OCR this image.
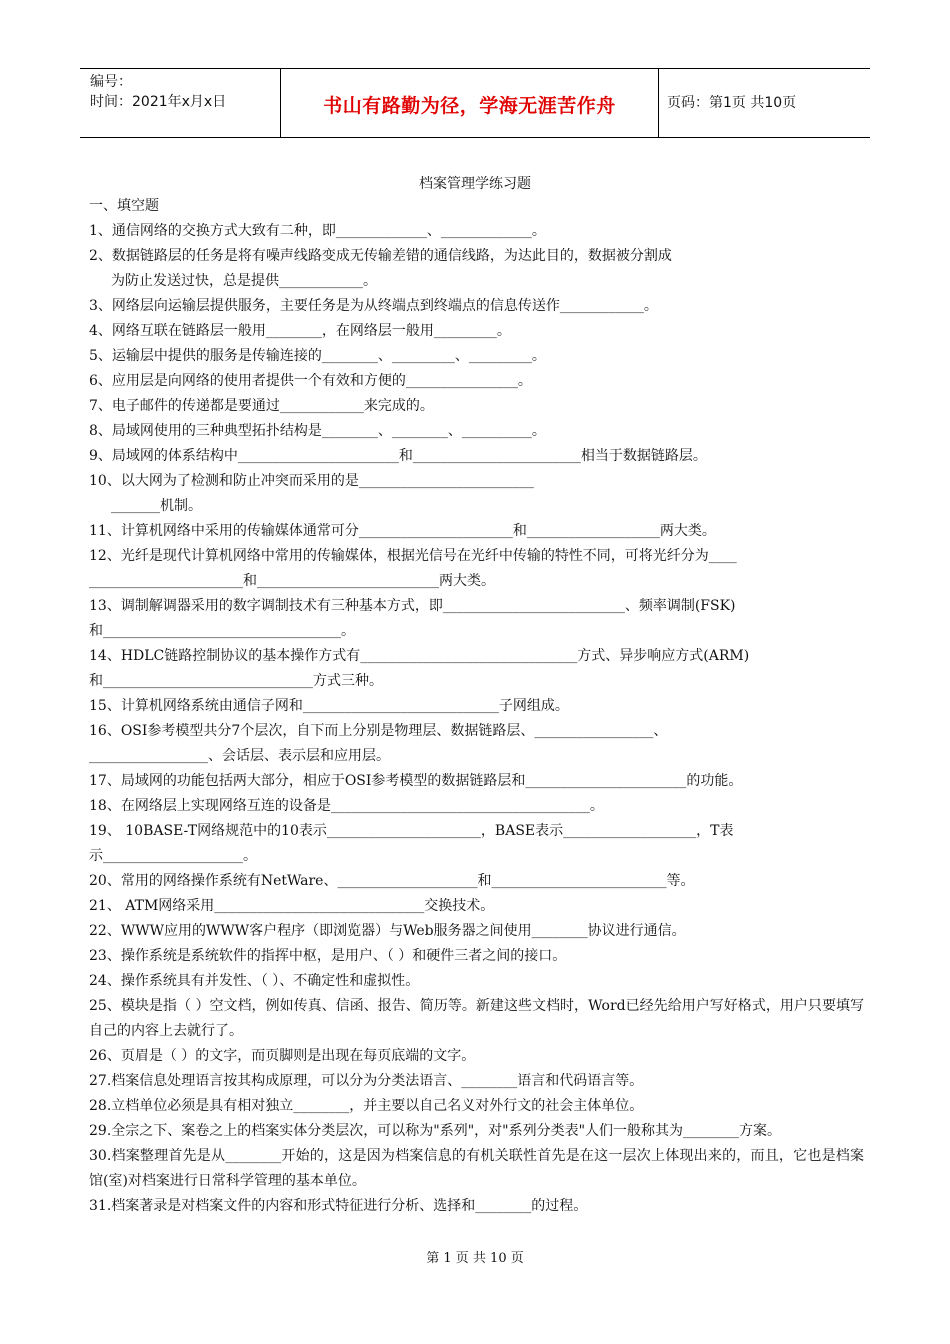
编号：
时间：2021年x月x日	书山有路勤为径，学海无涯苦作舟	页码：第1页 共10页
档案管理学练习题
一、填空题
1、通信网络的交换方式大致有二种，即_____________、_____________。
2、数据链路层的任务是将有噪声线路变成无传输差错的通信线路，为达此目的，数据被分割成
为防止发送过快，总是提供____________。
3、网络层向运输层提供服务，主要任务是为从终端点到终端点的信息传送作____________。
4、网络互联在链路层一般用________，在网络层一般用_________。
5、运输层中提供的服务是传输连接的________、_________、_________。
6、应用层是向网络的使用者提供一个有效和方便的________________。
7、电子邮件的传递都是要通过____________来完成的。
8、局域网使用的三种典型拓扑结构是________、________、__________。
9、局域网的体系结构中_______________________和________________________相当于数据链路层。
10、以大网为了检测和防止冲突而采用的是_________________________
_______机制。
11、计算机网络中采用的传输媒体通常可分______________________和___________________两大类。
12、光纤是现代计算机网络中常用的传输媒体，根据光信号在光纤中传输的特性不同，可将光纤分为____
______________________和__________________________两大类。
13、调制解调器采用的数字调制技术有三种基本方式，即__________________________、频率调制(FSK)
和__________________________________。
14、HDLC链路控制协议的基本操作方式有_______________________________方式、异步响应方式(ARM)
和______________________________方式三种。
15、计算机网络系统由通信子网和____________________________子网组成。
16、OSI参考模型共分7个层次，自下而上分别是物理层、数据链路层、_________________、
_________________、会话层、表示层和应用层。
17、局域网的功能包括两大部分，相应于OSI参考模型的数据链路层和_______________________的功能。
18、在网络层上实现网络互连的设备是_____________________________________。
19、 10BASE-T网络规范中的10表示______________________，BASE表示___________________，T表
示____________________。
20、常用的网络操作系统有NetWare、____________________和_________________________等。
21、 ATM网络采用______________________________交换技术。
22、WWW应用的WWW客户程序（即浏览器）与Web服务器之间使用________协议进行通信。
23、操作系统是系统软件的指挥中枢，是用户、（ ）和硬件三者之间的接口。
24、操作系统具有并发性、（ ）、不确定性和虚拟性。
25、模块是指（ ）空文档，例如传真、信函、报告、简历等。新建这些文档时，Word已经先给用户写好格式，用户只要填写自己的内容上去就行了。
26、页眉是（ ）的文字，而页脚则是出现在每页底端的文字。
27.档案信息处理语言按其构成原理，可以分为分类法语言、________语言和代码语言等。
28.立档单位必须是具有相对独立________，并主要以自己名义对外行文的社会主体单位。
29.全宗之下、案卷之上的档案实体分类层次，可以称为"系列"，对"系列分类表"人们一般称其为________方案。
30.档案整理首先是从________开始的，这是因为档案信息的有机关联性首先是在这一层次上体现出来的，而且，它也是档案馆(室)对档案进行日常科学管理的基本单位。
31.档案著录是对档案文件的内容和形式特征进行分析、选择和________的过程。
第 1 页 共 10 页
